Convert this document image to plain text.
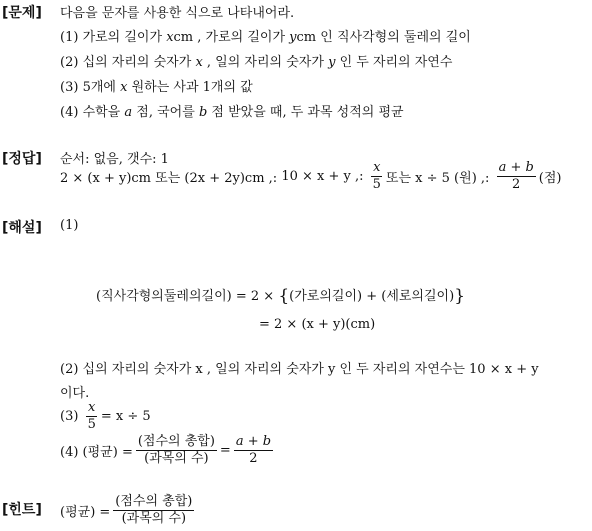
[문제]
[정답]
[해설]
[힌트]
다음을 문자를 사용한 식으로 나타내어라.
(1) 가로의 길이가 xcm , 가로의 길이가 ycm 인 직사각형의 둘레의 길이
(2) 십의 자리의 숫자가 x , 일의 자리의 숫자가 y 인 두 자리의 자연수
(3) 5개에 x 원하는 사과 1개의 값
(4) 수학을 a 점, 국어를 b 점 받았을 때, 두 과목 성적의 평균
순서: 없음, 갯수: 1
2 × (x + y)cm 또는 (2x + 2y)cm ,:
10 × x + y ,:
$\frac{x}{5}$ 또는 x ÷ 5 (원) ,:
$\frac{a + b}{2}$ (점)
(1)
(직사각형의둘레의길이) = 2 × {(가로의길이) + (세로의길이)}
= 2 × (x + y)(cm)
(2) 십의 자리의 숫자가 x , 일의 자리의 숫자가 y 인 두 자리의 자연수는 10 × x + y
이다.
(3)
$\frac{x}{5} = x \div 5$
(4) (평균) = $\frac{\text{(점수의 총합)}}{\text{(과목의 수)}} = \frac{a + b}{2}$
(평균) = $\frac{\text{(점수의 총합)}}{\text{(과목의 수)}}$
